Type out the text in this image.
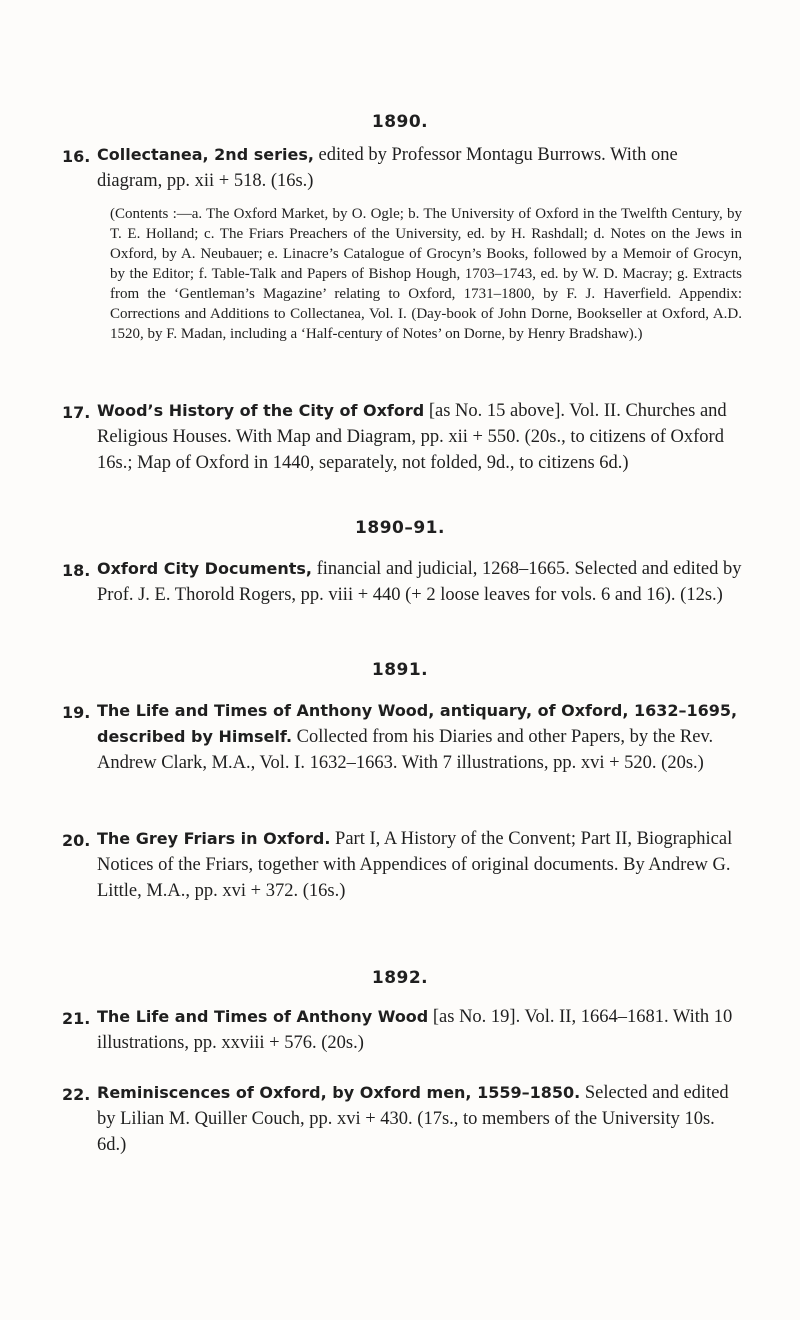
1890.
16. Collectanea, 2nd series, edited by Professor Montagu Burrows. With one diagram, pp. xii + 518. (16s.)
(Contents :—a. The Oxford Market, by O. Ogle; b. The University of Oxford in the Twelfth Century, by T. E. Holland; c. The Friars Preachers of the University, ed. by H. Rashdall; d. Notes on the Jews in Oxford, by A. Neubauer; e. Linacre’s Catalogue of Grocyn’s Books, followed by a Memoir of Grocyn, by the Editor; f. Table-Talk and Papers of Bishop Hough, 1703–1743, ed. by W. D. Macray; g. Extracts from the ‘Gentleman’s Magazine’ relating to Oxford, 1731–1800, by F. J. Haverfield. Appendix: Corrections and Additions to Collectanea, Vol. I. (Day-book of John Dorne, Bookseller at Oxford, A.D. 1520, by F. Madan, including a ‘Half-century of Notes’ on Dorne, by Henry Bradshaw).)
17. Wood’s History of the City of Oxford [as No. 15 above]. Vol. II. Churches and Religious Houses. With Map and Diagram, pp. xii + 550. (20s., to citizens of Oxford 16s.; Map of Oxford in 1440, separately, not folded, 9d., to citizens 6d.)
1890–91.
18. Oxford City Documents, financial and judicial, 1268–1665. Selected and edited by Prof. J. E. Thorold Rogers, pp. viii + 440 (+ 2 loose leaves for vols. 6 and 16). (12s.)
1891.
19. The Life and Times of Anthony Wood, antiquary, of Oxford, 1632–1695, described by Himself. Collected from his Diaries and other Papers, by the Rev. Andrew Clark, M.A., Vol. I. 1632–1663. With 7 illustrations, pp. xvi + 520. (20s.)
20. The Grey Friars in Oxford. Part I, A History of the Convent; Part II, Biographical Notices of the Friars, together with Appendices of original documents. By Andrew G. Little, M.A., pp. xvi + 372. (16s.)
1892.
21. The Life and Times of Anthony Wood [as No. 19]. Vol. II, 1664–1681. With 10 illustrations, pp. xxviii + 576. (20s.)
22. Reminiscences of Oxford, by Oxford men, 1559–1850. Selected and edited by Lilian M. Quiller Couch, pp. xvi + 430. (17s., to members of the University 10s. 6d.)
